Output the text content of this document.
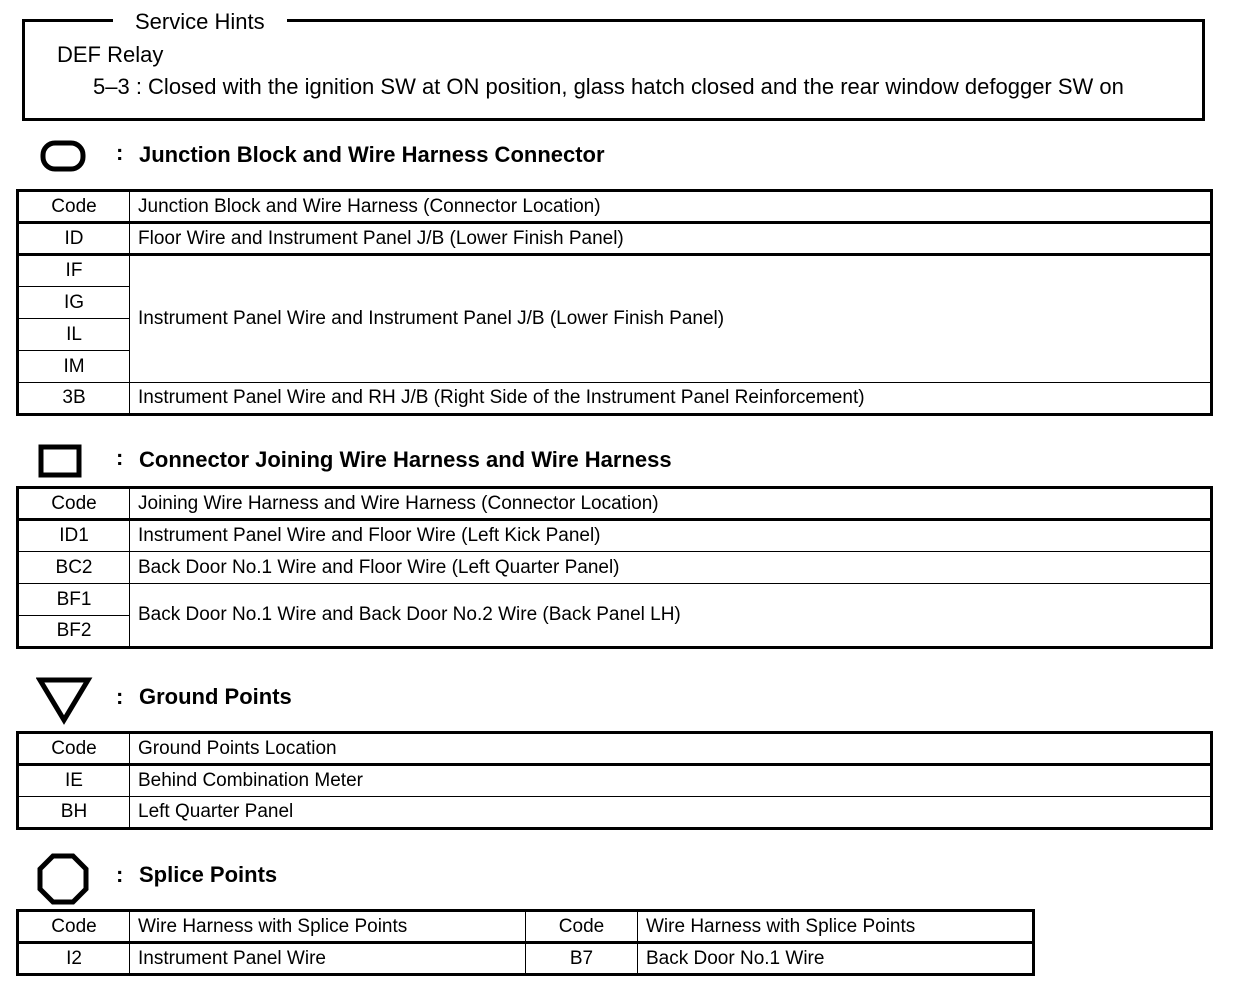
Service Hints
DEF Relay
5–3 : Closed with the ignition SW at ON position, glass hatch closed and the rear window defogger SW on
: Junction Block and Wire Harness Connector
Code	Junction Block and Wire Harness (Connector Location)
ID	Floor Wire and Instrument Panel J/B (Lower Finish Panel)
IF	Instrument Panel Wire and Instrument Panel J/B (Lower Finish Panel)
IG	
IL	
IM	
3B	Instrument Panel Wire and RH J/B (Right Side of the Instrument Panel Reinforcement)
: Connector Joining Wire Harness and Wire Harness
Code	Joining Wire Harness and Wire Harness (Connector Location)
ID1	Instrument Panel Wire and Floor Wire (Left Kick Panel)
BC2	Back Door No.1 Wire and Floor Wire (Left Quarter Panel)
BF1	Back Door No.1 Wire and Back Door No.2 Wire (Back Panel LH)
BF2	
: Ground Points
Code	Ground Points Location
IE	Behind Combination Meter
BH	Left Quarter Panel
: Splice Points
Code	Wire Harness with Splice Points	Code	Wire Harness with Splice Points
I2	Instrument Panel Wire	B7	Back Door No.1 Wire
